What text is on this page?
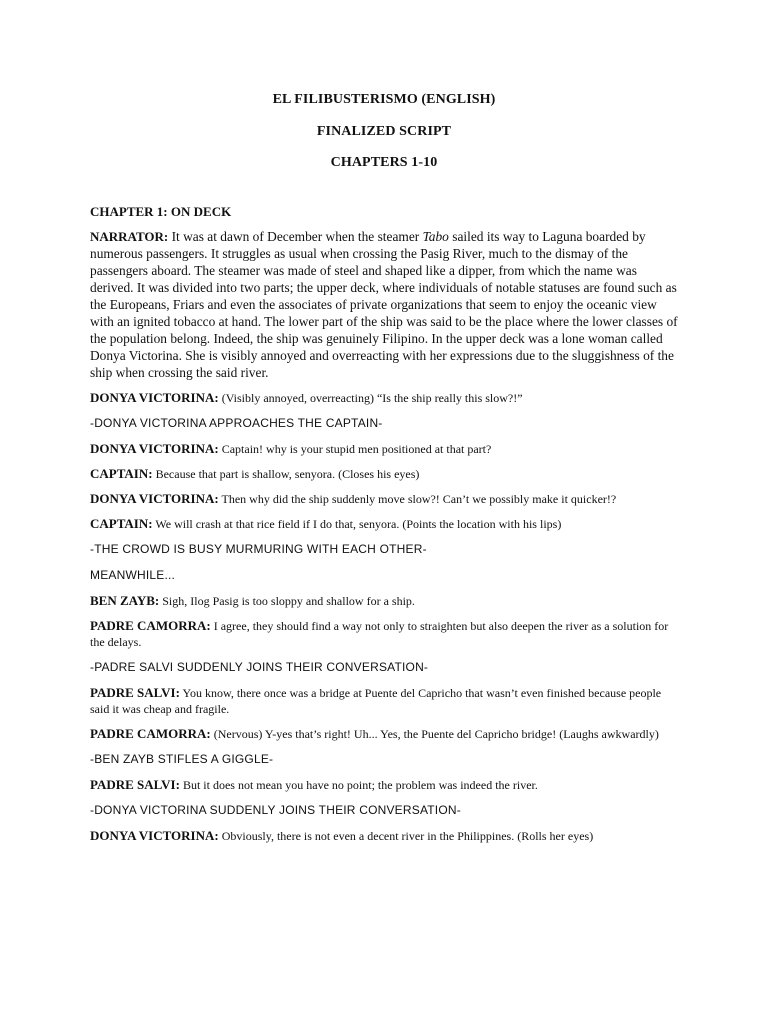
EL FILIBUSTERISMO (ENGLISH)
FINALIZED SCRIPT
CHAPTERS 1-10
CHAPTER 1: ON DECK

NARRATOR: It was at dawn of December when the steamer Tabo sailed its way to Laguna boarded by numerous passengers. It struggles as usual when crossing the Pasig River, much to the dismay of the passengers aboard. The steamer was made of steel and shaped like a dipper, from which the name was derived. It was divided into two parts; the upper deck, where individuals of notable statuses are found such as the Europeans, Friars and even the associates of private organizations that seem to enjoy the oceanic view with an ignited tobacco at hand. The lower part of the ship was said to be the place where the lower classes of the population belong. Indeed, the ship was genuinely Filipino. In the upper deck was a lone woman called Donya Victorina. She is visibly annoyed and overreacting with her expressions due to the sluggishness of the ship when crossing the said river.

DONYA VICTORINA: (Visibly annoyed, overreacting) “Is the ship really this slow?!”

-DONYA VICTORINA APPROACHES THE CAPTAIN-

DONYA VICTORINA: Captain! why is your stupid men positioned at that part?

CAPTAIN: Because that part is shallow, senyora. (Closes his eyes)

DONYA VICTORINA: Then why did the ship suddenly move slow?! Can’t we possibly make it quicker!?

CAPTAIN: We will crash at that rice field if I do that, senyora. (Points the location with his lips)

-THE CROWD IS BUSY MURMURING WITH EACH OTHER-

MEANWHILE...

BEN ZAYB: Sigh, Ilog Pasig is too sloppy and shallow for a ship.

PADRE CAMORRA: I agree, they should find a way not only to straighten but also deepen the river as a solution for the delays.

-PADRE SALVI SUDDENLY JOINS THEIR CONVERSATION-

PADRE SALVI: You know, there once was a bridge at Puente del Capricho that wasn’t even finished because people said it was cheap and fragile.

PADRE CAMORRA: (Nervous) Y-yes that’s right! Uh... Yes, the Puente del Capricho bridge! (Laughs awkwardly)

-BEN ZAYB STIFLES A GIGGLE-

PADRE SALVI: But it does not mean you have no point; the problem was indeed the river.

-DONYA VICTORINA SUDDENLY JOINS THEIR CONVERSATION-

DONYA VICTORINA: Obviously, there is not even a decent river in the Philippines. (Rolls her eyes)
